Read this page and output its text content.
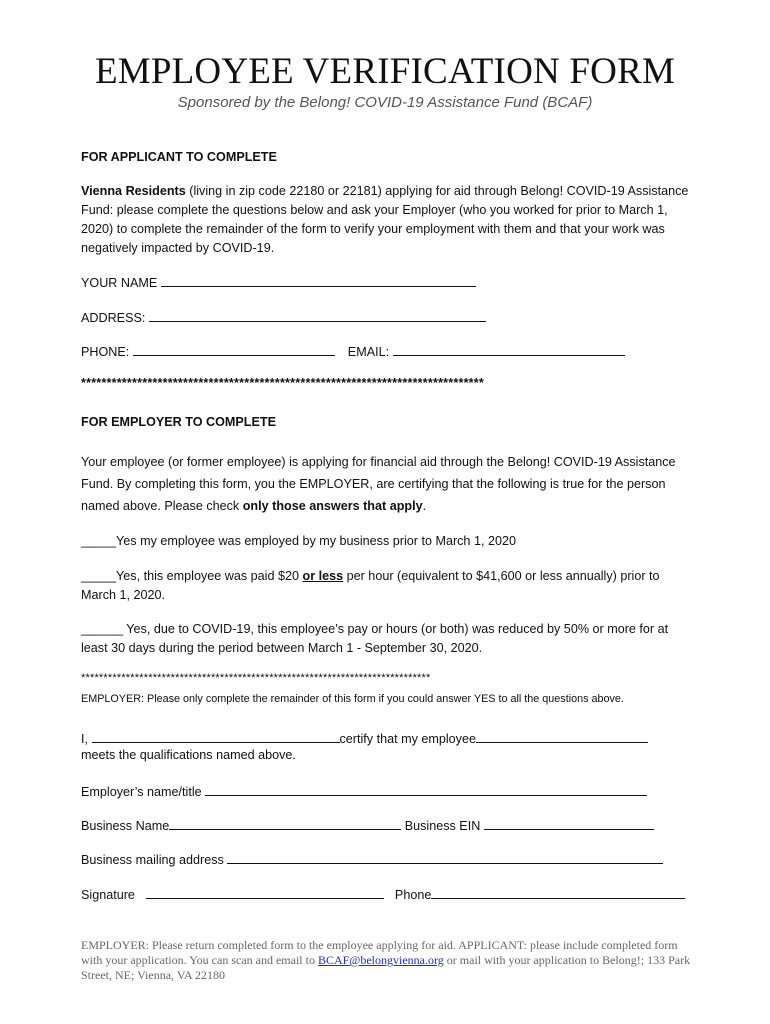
EMPLOYEE VERIFICATION FORM
Sponsored by the Belong! COVID-19 Assistance Fund (BCAF)
FOR APPLICANT TO COMPLETE
Vienna Residents (living in zip code 22180 or 22181) applying for aid through Belong! COVID-19 Assistance Fund: please complete the questions below and ask your Employer (who you worked for prior to March 1, 2020) to complete the remainder of the form to verify your employment with them and that your work was negatively impacted by COVID-19.
YOUR NAME
ADDRESS:
PHONE:	EMAIL:
*******************************************************************************
FOR EMPLOYER TO COMPLETE
Your employee (or former employee) is applying for financial aid through the Belong! COVID-19 Assistance Fund. By completing this form, you the EMPLOYER, are certifying that the following is true for the person named above. Please check only those answers that apply.
_____Yes my employee was employed by my business prior to March 1, 2020
_____Yes, this employee was paid $20 or less per hour (equivalent to $41,600 or less annually) prior to March 1, 2020.
______ Yes, due to COVID-19, this employee’s pay or hours (or both) was reduced by 50% or more for at least 30 days during the period between March 1 - September 30, 2020.
******************************************************************************
EMPLOYER: Please only complete the remainder of this form if you could answer YES to all the questions above.
I,	certify that my employee
meets the qualifications named above.
Employer’s name/title
Business Name	Business EIN
Business mailing address
Signature	Phone
EMPLOYER: Please return completed form to the employee applying for aid. APPLICANT: please include completed form with your application. You can scan and email to BCAF@belongvienna.org or mail with your application to Belong!; 133 Park Street, NE; Vienna, VA 22180
